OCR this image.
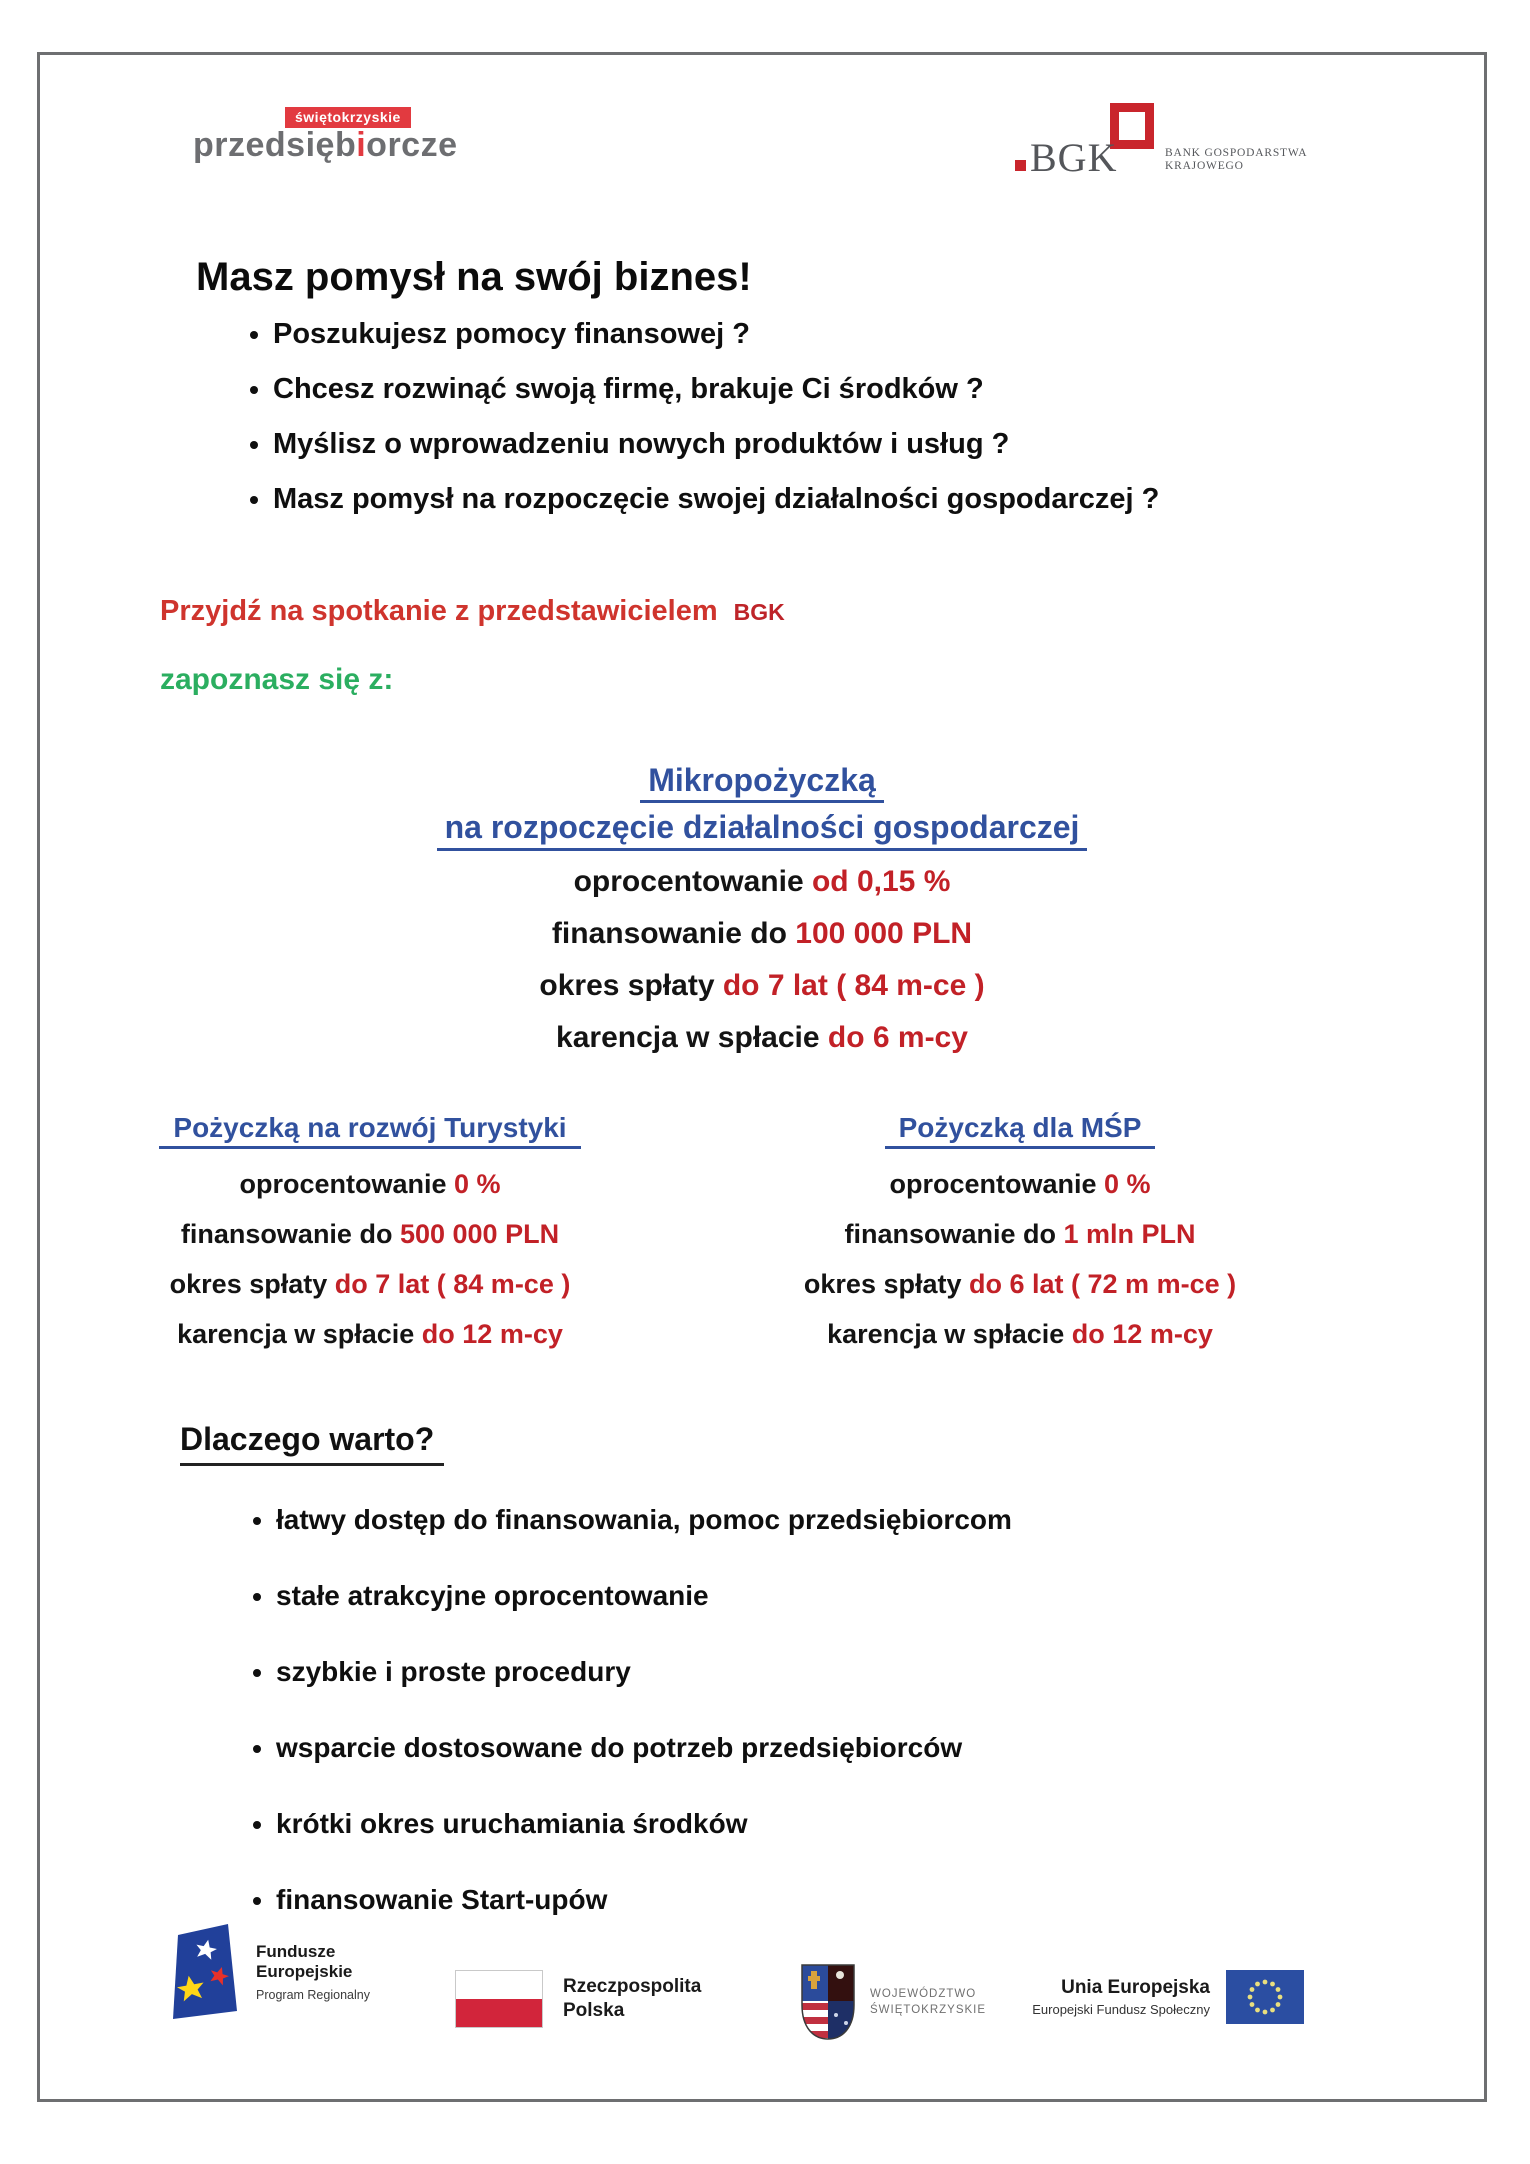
świętokrzyskie
przedsiębiorcze	BGK	BANK GOSPODARSTWA
KRAJOWEGO
Masz pomysł na swój biznes!
• Poszukujesz pomocy finansowej ?
• Chcesz rozwinąć swoją firmę, brakuje Ci środków ?
• Myślisz o wprowadzeniu nowych produktów i usług ?
• Masz pomysł na rozpoczęcie swojej działalności gospodarczej ?
Przyjdź na spotkanie z przedstawicielem BGK
zapoznasz się z:
Mikropożyczką
na rozpoczęcie działalności gospodarczej
oprocentowanie od 0,15 %
finansowanie do 100 000 PLN
okres spłaty do 7 lat ( 84 m-ce )
karencja w spłacie do 6 m-cy
Pożyczką na rozwój Turystyki
oprocentowanie 0 %
finansowanie do 500 000 PLN
okres spłaty do 7 lat ( 84 m-ce )
karencja w spłacie do 12 m-cy
Pożyczką dla MŚP
oprocentowanie 0 %
finansowanie do 1 mln PLN
okres spłaty do 6 lat ( 72 m m-ce )
karencja w spłacie do 12 m-cy
Dlaczego warto?
• łatwy dostęp do finansowania, pomoc przedsiębiorcom
• stałe atrakcyjne oprocentowanie
• szybkie i proste procedury
• wsparcie dostosowane do potrzeb przedsiębiorców
• krótki okres uruchamiania środków
• finansowanie Start-upów
Fundusze
Europejskie
Program Regionalny	Rzeczpospolita
Polska
WOJEWÓDZTWO
ŚWIĘTOKRZYSKIE
Unia Europejska
Europejski Fundusz Społeczny
